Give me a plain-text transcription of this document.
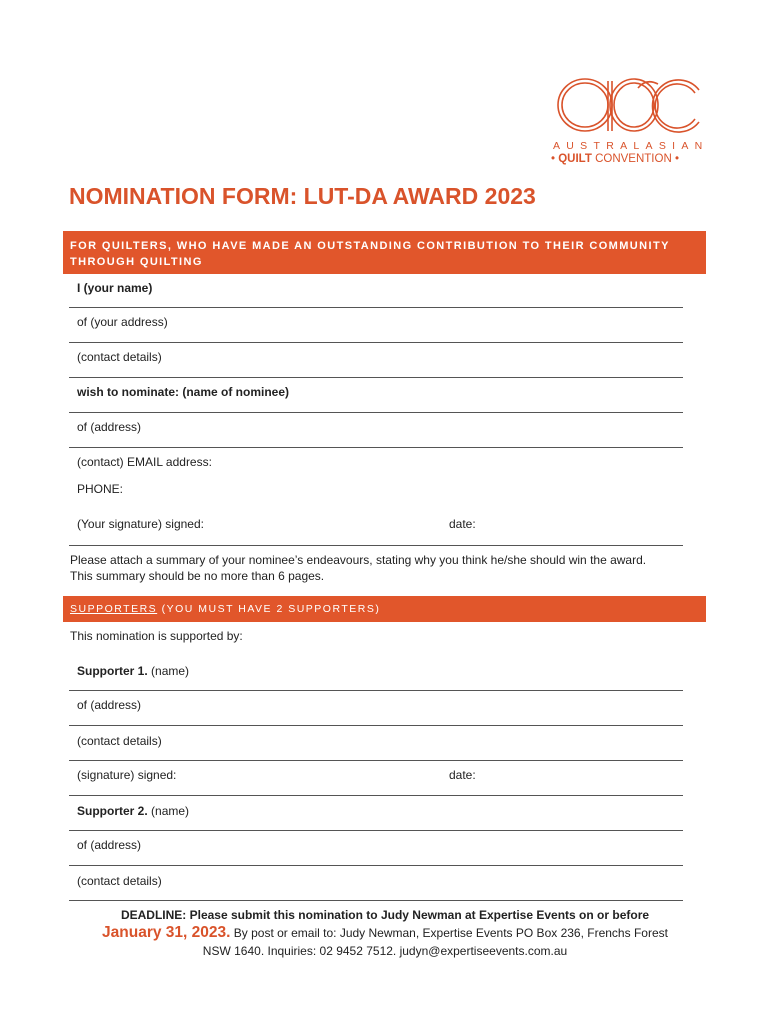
AUSTRALASIAN
• QUILT CONVENTION •
NOMINATION FORM: LUT-DA AWARD 2023
FOR QUILTERS, WHO HAVE MADE AN OUTSTANDING CONTRIBUTION TO THEIR COMMUNITY THROUGH QUILTING
I (your name)
of (your address)
(contact details)
wish to nominate: (name of nominee)
of (address)
(contact) EMAIL address:
PHONE:
(Your signature) signed:	date:
Please attach a summary of your nominee’s endeavours, stating why you think he/she should win the award.
This summary should be no more than 6 pages.
SUPPORTERS (YOU MUST HAVE 2 SUPPORTERS)
This nomination is supported by:
Supporter 1. (name)
of (address)
(contact details)
(signature) signed:	date:
Supporter 2. (name)
of (address)
(contact details)
DEADLINE: Please submit this nomination to Judy Newman at Expertise Events on or before
January 31, 2023. By post or email to: Judy Newman, Expertise Events PO Box 236, Frenchs Forest
NSW 1640. Inquiries: 02 9452 7512. judyn@expertiseevents.com.au
